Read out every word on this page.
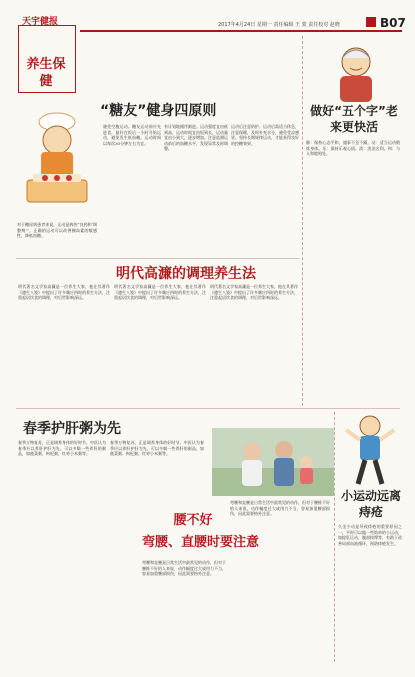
天宇健报
养生保健
2017年4月24日 星期一 责任编辑 王 蒙 责任校对 赵晓	B07
“糖友”健身四原则
避免空腹运动。糖友运动前应先进食，最好在饭后一小时开始运动，避免发生低血糖。运动时间以每次30分钟左右为宜。
有计划地循序渐进。运动强度宜由低到高，运动时间宜由短到长，运动量宜由小到大，逐步增加。注意监测运动前后的血糖水平，发现异常及时调整。
运动后注意防护。运动后需适当休息，注意保暖，及时补充水分，避免受凉感冒。坚持长期规律运动，才能获得良好的控糖效果。
对于糖尿病患者来说，运动是病的“良药和‘调整剂’”，正确的运动可以改善胰岛素的敏感性，降低血糖。
做好“五个字”老来更快活
静：保持心态平和，遇事不急不躁。动：适当运动锻炼身体。乐：保持乐观心情。淡：淡泊名利。和：与人和睦相处。
明代高濂的调理养生法
明代著名文学家高濂是一位养生大家，他在其著作《遵生八笺》中提出了许多顺应四时的养生方法，注重起居饮食的调理，对后世影响深远。
明代著名文学家高濂是一位养生大家，他在其著作《遵生八笺》中提出了许多顺应四时的养生方法，注重起居饮食的调理，对后世影响深远。
明代著名文学家高濂是一位养生大家，他在其著作《遵生八笺》中提出了许多顺应四时的养生方法，注重起居饮食的调理，对后世影响深远。
春季护肝粥为先
春季万物复苏，正是调养身体的好时节。中医认为春季应以养肝护肝为先，可以多喝一些养肝的粥品，如菠菜粥、枸杞粥、红枣小米粥等。
春季万物复苏，正是调养身体的好时节。中医认为春季应以养肝护肝为先，可以多喝一些养肝的粥品，如菠菜粥、枸杞粥、红枣小米粥等。
腰不好
弯腰、直腰时要注意
弯腰和直腰是日常生活中最常见的动作，但对于腰椎不好的人来说，动作幅度过大或用力不当，容易加重腰部损伤，因此需要格外注意。
弯腰和直腰是日常生活中最常见的动作，但对于腰椎不好的人来说，动作幅度过大或用力不当，容易加重腰部损伤，因此需要格外注意。
小运动远离痔疮
久坐少动是导致痔疮的重要原因之一。平时可以做一些简单的小运动，如提肛运动、腹部按摩等，有助于改善局部血液循环，预防痔疮发生。
